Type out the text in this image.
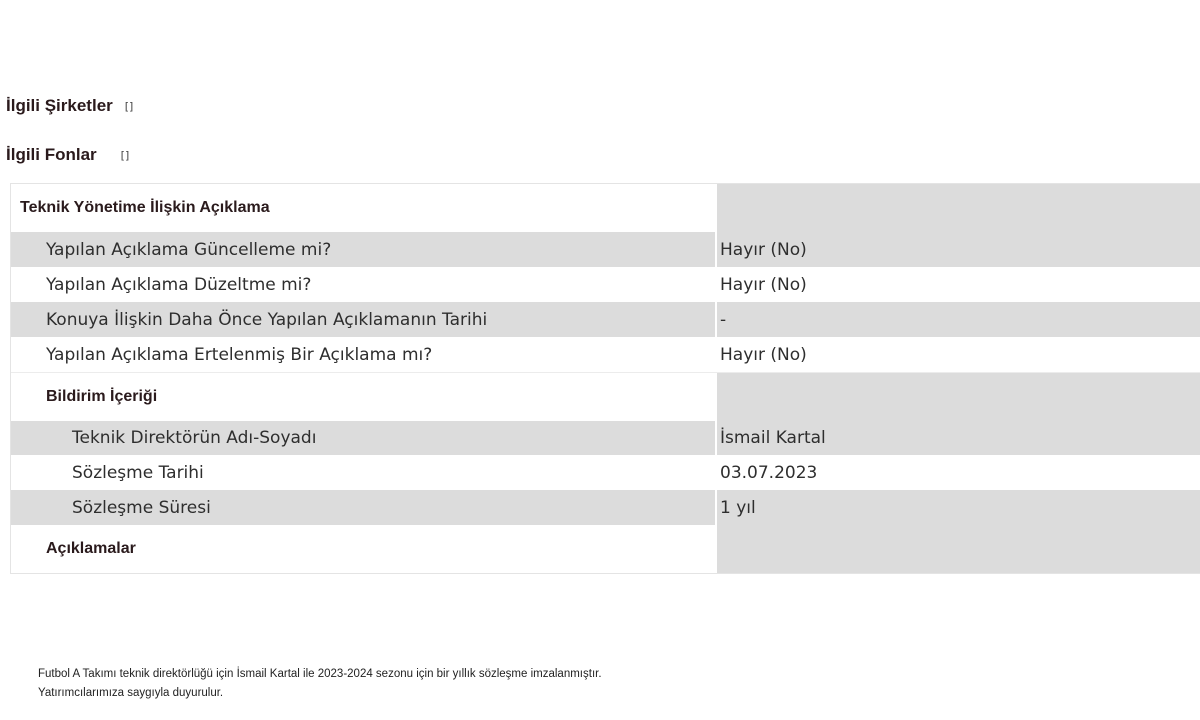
İlgili Şirketler []
İlgili Fonlar []
Teknik Yönetime İlişkin Açıklama
Yapılan Açıklama Güncelleme mi?	Hayır (No)
Yapılan Açıklama Düzeltme mi?	Hayır (No)
Konuya İlişkin Daha Önce Yapılan Açıklamanın Tarihi	-
Yapılan Açıklama Ertelenmiş Bir Açıklama mı?	Hayır (No)
Bildirim İçeriği
Teknik Direktörün Adı-Soyadı	İsmail Kartal
Sözleşme Tarihi	03.07.2023
Sözleşme Süresi	1 yıl
Açıklamalar
Futbol A Takımı teknik direktörlüğü için İsmail Kartal ile 2023-2024 sezonu için bir yıllık sözleşme imzalanmıştır.
Yatırımcılarımıza saygıyla duyurulur.
